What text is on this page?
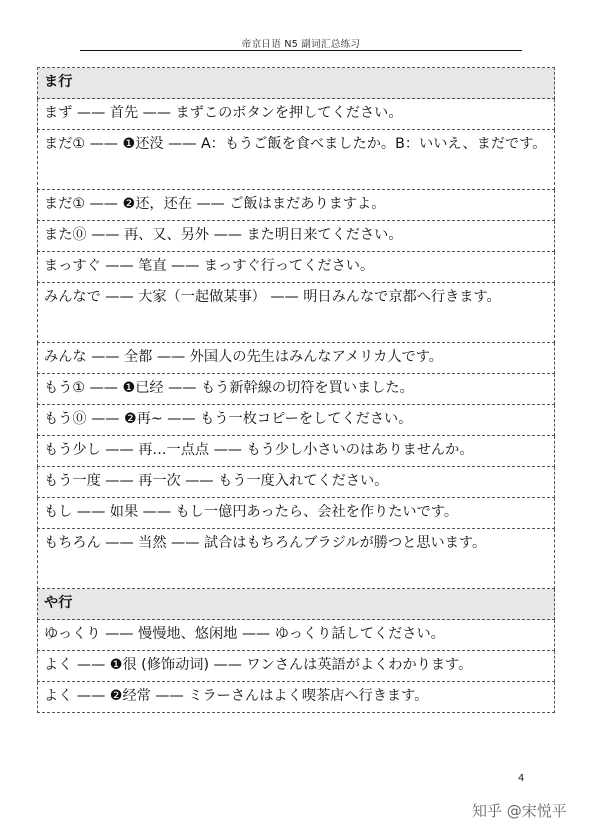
帝京日语 N5 副词汇总练习
ま行
まず —— 首先 —— まずこのボタンを押してください。
まだ① —— ❶还没 —— A：もうご飯を食べましたか。B：いいえ、まだです。
まだ① —— ❷还，还在 —— ご飯はまだありますよ。
また⓪ —— 再、又、另外 —— また明日来てください。
まっすぐ —— 笔直 —— まっすぐ行ってください。
みんなで —— 大家（一起做某事） —— 明日みんなで京都へ行きます。
みんな —— 全都 —— 外国人の先生はみんなアメリカ人です。
もう① —— ❶已经 —— もう新幹線の切符を買いました。
もう⓪ —— ❷再~ —— もう一枚コピーをしてください。
もう少し —— 再…一点点 —— もう少し小さいのはありませんか。
もう一度 —— 再一次 —— もう一度入れてください。
もし —— 如果 —— もし一億円あったら、会社を作りたいです。
もちろん —— 当然 —— 試合はもちろんブラジルが勝つと思います。
や行
ゆっくり —— 慢慢地、悠闲地 —— ゆっくり話してください。
よく —— ❶很 (修饰动词) —— ワンさんは英語がよくわかります。
よく —— ❷经常 —— ミラーさんはよく喫茶店へ行きます。
4
知乎 @宋悦平
